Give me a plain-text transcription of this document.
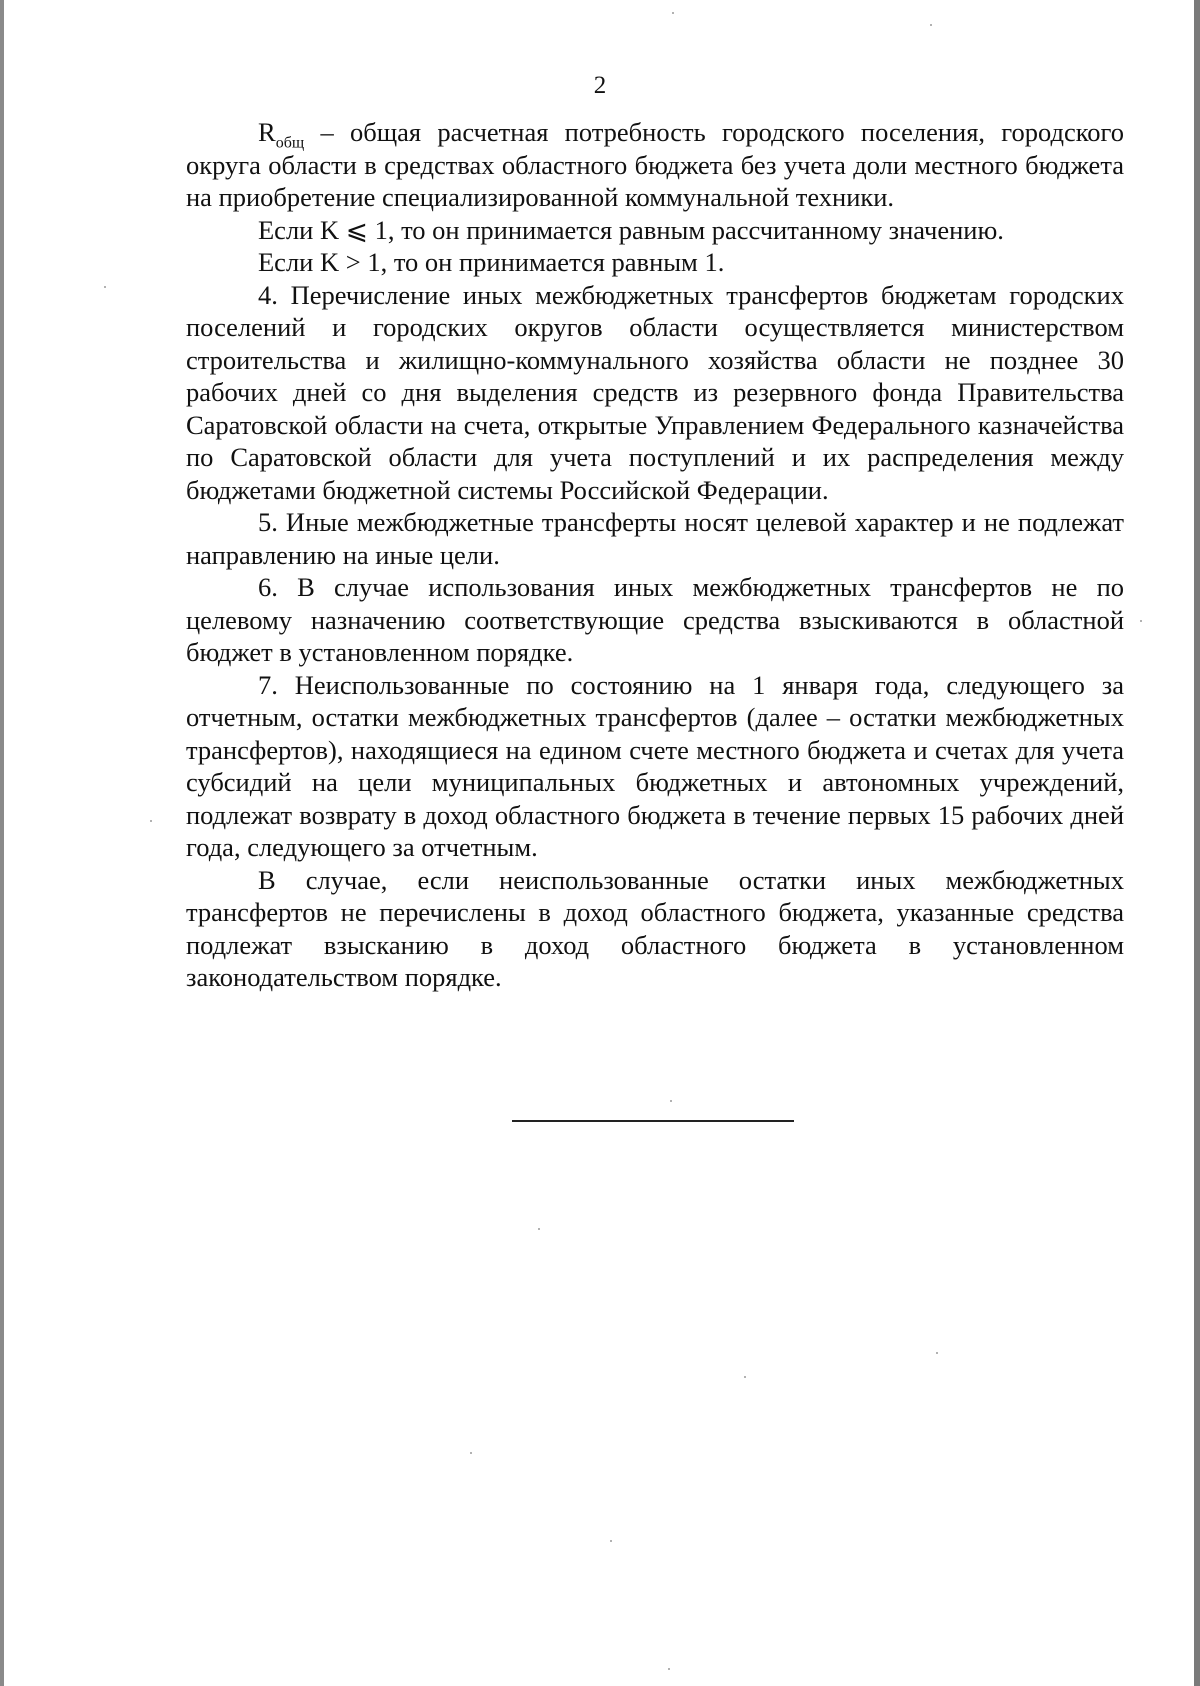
2

$R_{общ}$ – общая расчетная потребность городского поселения, городского округа области в средствах областного бюджета без учета доли местного бюджета на приобретение специализированной коммунальной техники.

Если K ⩽ 1, то он принимается равным рассчитанному значению.

Если K > 1, то он принимается равным 1.

4. Перечисление иных межбюджетных трансфертов бюджетам городских поселений и городских округов области осуществляется министерством строительства и жилищно-коммунального хозяйства области не позднее 30 рабочих дней со дня выделения средств из резервного фонда Правительства Саратовской области на счета, открытые Управлением Федерального казначейства по Саратовской области для учета поступлений и их распределения между бюджетами бюджетной системы Российской Федерации.

5. Иные межбюджетные трансферты носят целевой характер и не подлежат направлению на иные цели.

6. В случае использования иных межбюджетных трансфертов не по целевому назначению соответствующие средства взыскиваются в областной бюджет в установленном порядке.

7. Неиспользованные по состоянию на 1 января года, следующего за отчетным, остатки межбюджетных трансфертов (далее – остатки межбюджетных трансфертов), находящиеся на едином счете местного бюджета и счетах для учета субсидий на цели муниципальных бюджетных и автономных учреждений, подлежат возврату в доход областного бюджета в течение первых 15 рабочих дней года, следующего за отчетным.

В случае, если неиспользованные остатки иных межбюджетных трансфертов не перечислены в доход областного бюджета, указанные средства подлежат взысканию в доход областного бюджета в установленном законодательством порядке.
